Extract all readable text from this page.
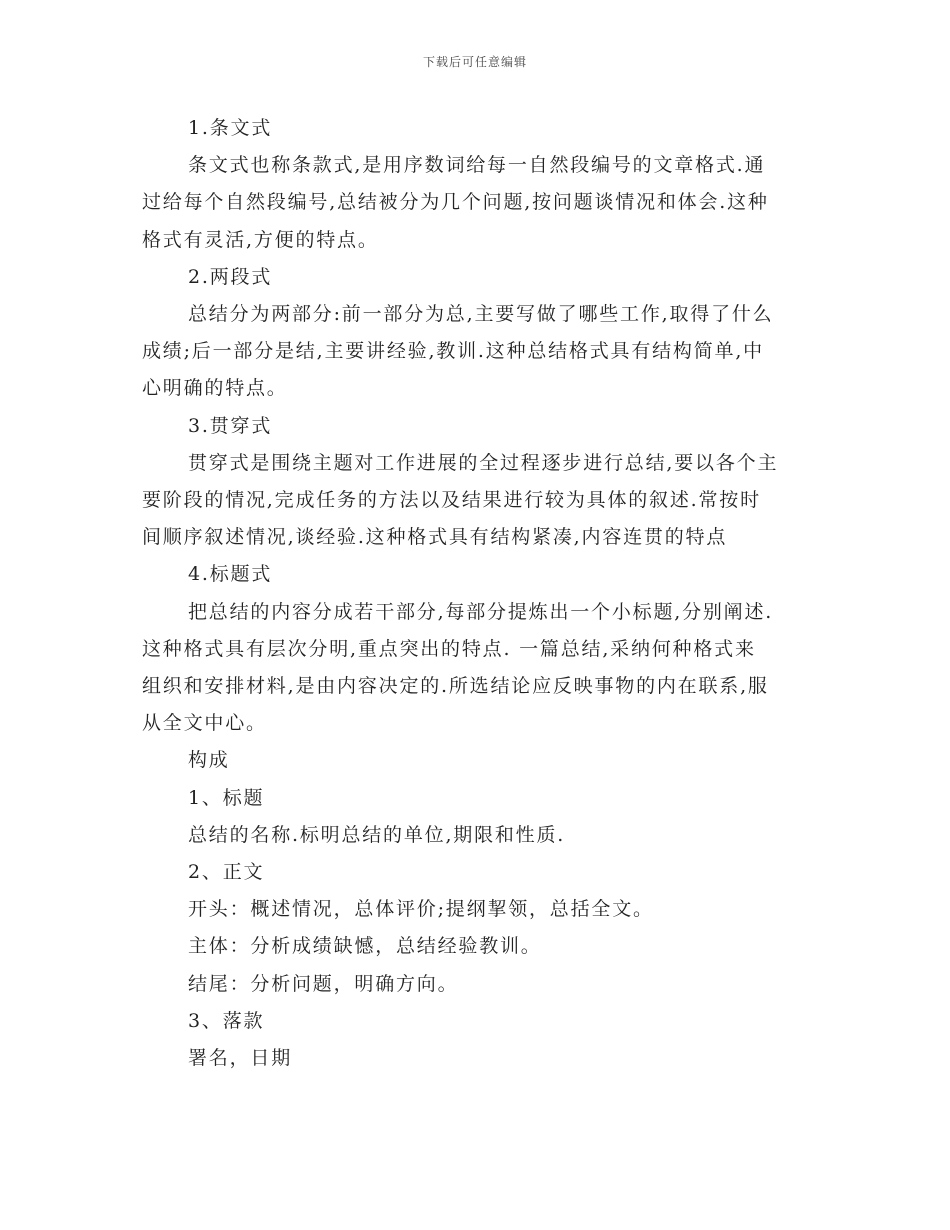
下载后可任意编辑

1.条文式

条文式也称条款式,是用序数词给每一自然段编号的文章格式.通

过给每个自然段编号,总结被分为几个问题,按问题谈情况和体会.这种

格式有灵活,方便的特点。

2.两段式

总结分为两部分:前一部分为总,主要写做了哪些工作,取得了什么

成绩;后一部分是结,主要讲经验,教训.这种总结格式具有结构简单,中

心明确的特点。

3.贯穿式

贯穿式是围绕主题对工作进展的全过程逐步进行总结,要以各个主

要阶段的情况,完成任务的方法以及结果进行较为具体的叙述.常按时

间顺序叙述情况,谈经验.这种格式具有结构紧凑,内容连贯的特点

4.标题式

把总结的内容分成若干部分,每部分提炼出一个小标题,分别阐述.

这种格式具有层次分明,重点突出的特点. 一篇总结,采纳何种格式来

组织和安排材料,是由内容决定的.所选结论应反映事物的内在联系,服

从全文中心。

构成

1、标题

总结的名称.标明总结的单位,期限和性质.

2、正文

开头：概述情况，总体评价;提纲挈领，总括全文。

主体：分析成绩缺憾，总结经验教训。

结尾：分析问题，明确方向。

3、落款

署名，日期
